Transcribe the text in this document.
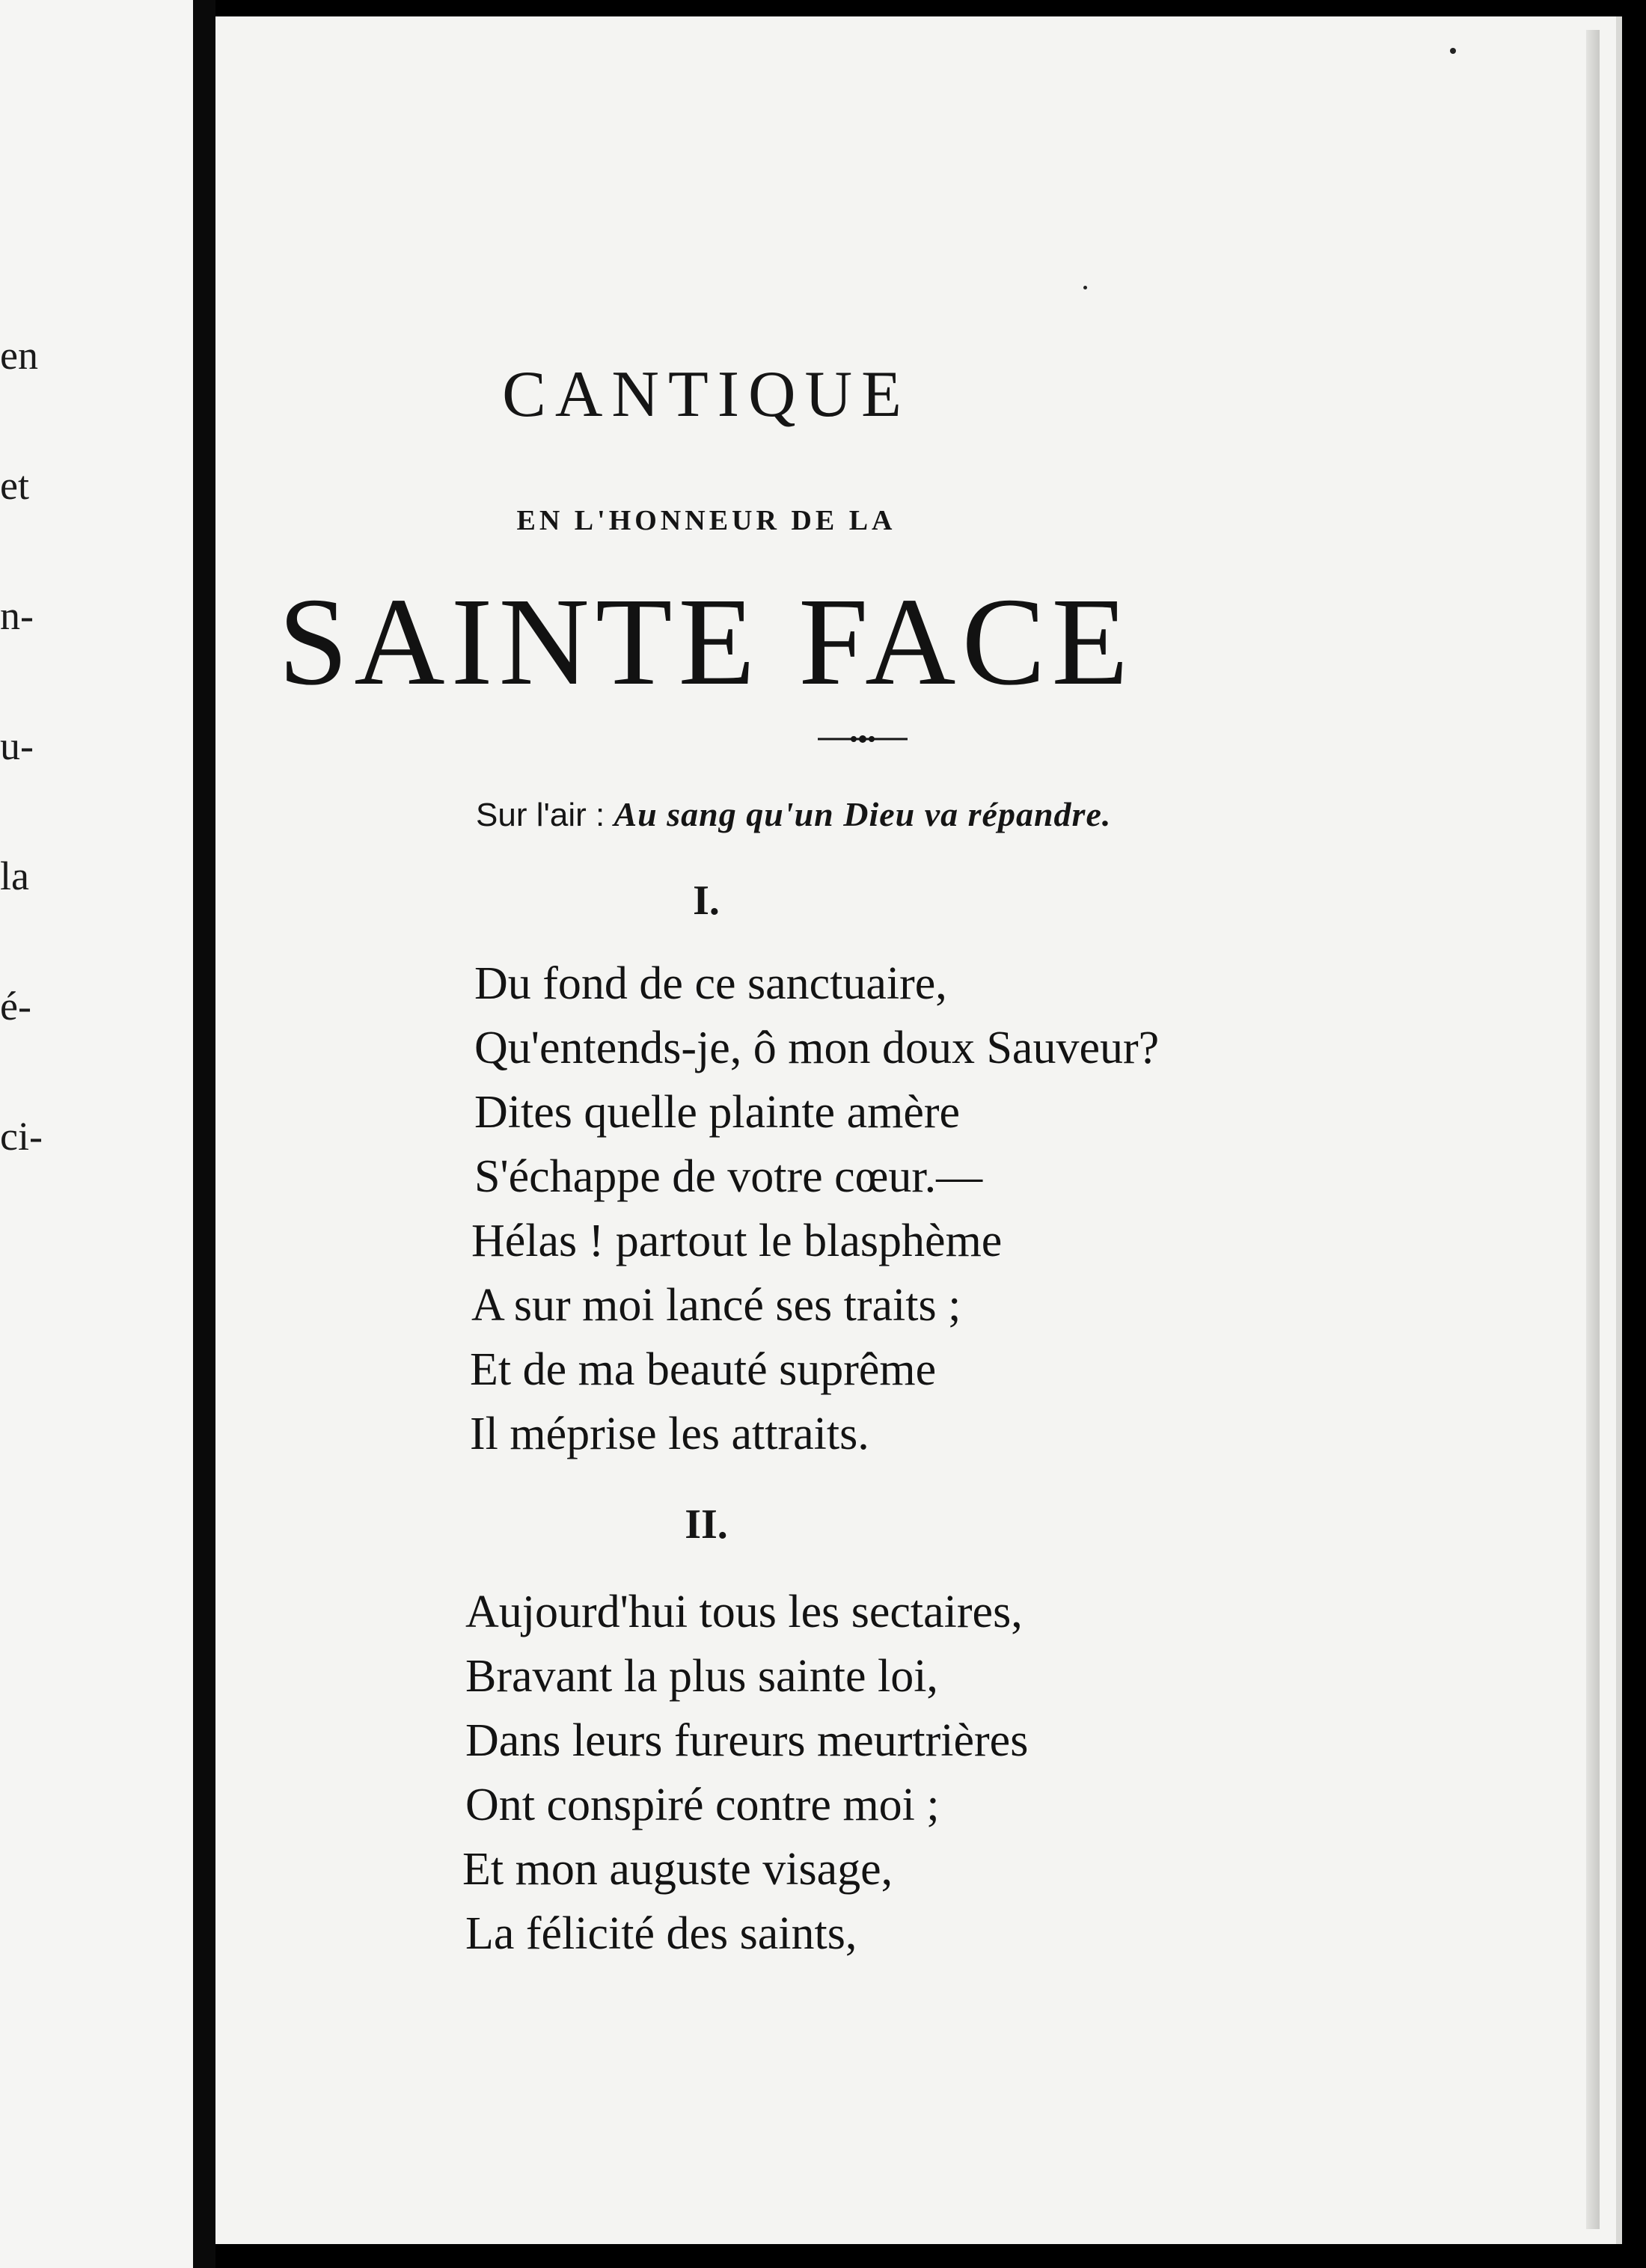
en
et
n-
u-
la
é-
ci-
CANTIQUE
EN L'HONNEUR DE LA
SAINTE FACE
Sur l'air : Au sang qu'un Dieu va répandre.
I.
Du fond de ce sanctuaire,
Qu'entends-je, ô mon doux Sauveur?
Dites quelle plainte amère
S'échappe de votre cœur.—
Hélas ! partout le blasphème
A sur moi lancé ses traits ;
Et de ma beauté suprême
Il méprise les attraits.
II.
Aujourd'hui tous les sectaires,
Bravant la plus sainte loi,
Dans leurs fureurs meurtrières
Ont conspiré contre moi ;
Et mon auguste visage,
La félicité des saints,
